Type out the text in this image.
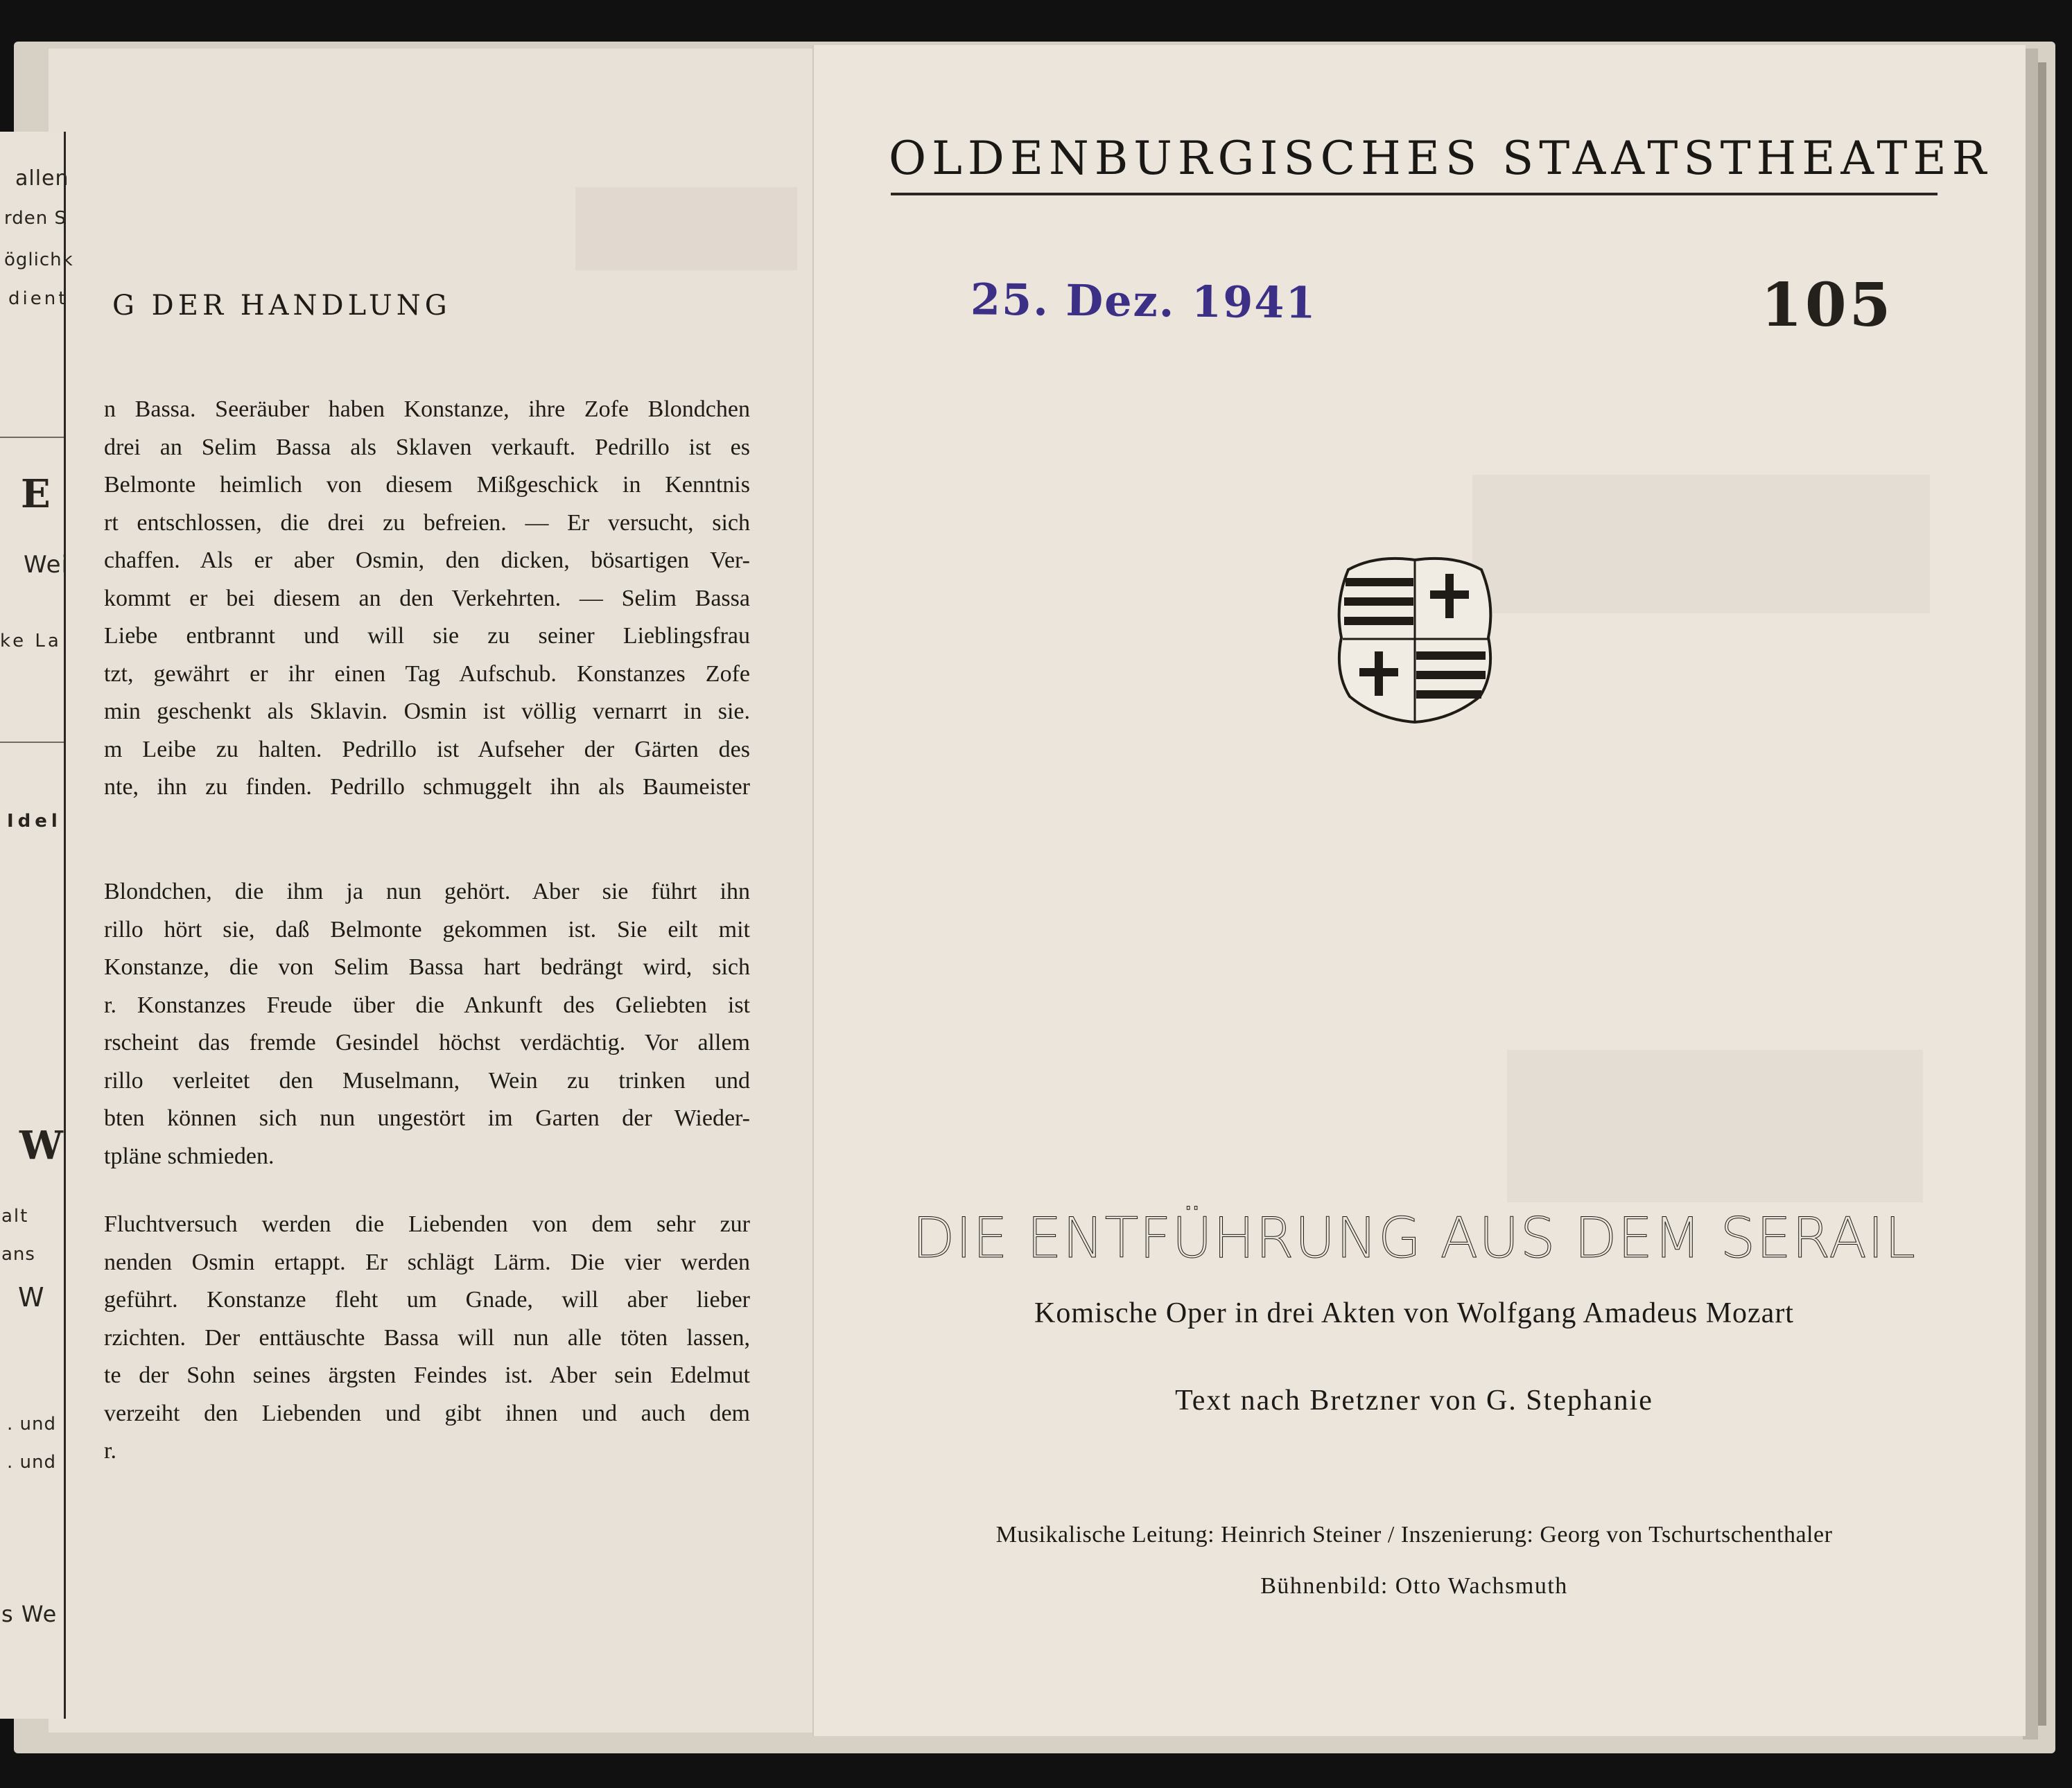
G DER HANDLUNG
n Bassa. Seeräuber haben Konstanze, ihre Zofe Blondchen
drei an Selim Bassa als Sklaven verkauft. Pedrillo ist es
Belmonte heimlich von diesem Mißgeschick in Kenntnis
rt entschlossen, die drei zu befreien. — Er versucht, sich
chaffen. Als er aber Osmin, den dicken, bösartigen Ver-
kommt er bei diesem an den Verkehrten. — Selim Bassa
Liebe entbrannt und will sie zu seiner Lieblingsfrau
tzt, gewährt er ihr einen Tag Aufschub. Konstanzes Zofe
min geschenkt als Sklavin. Osmin ist völlig vernarrt in sie.
m Leibe zu halten. Pedrillo ist Aufseher der Gärten des
nte, ihn zu finden. Pedrillo schmuggelt ihn als Baumeister
Blondchen, die ihm ja nun gehört. Aber sie führt ihn
rillo hört sie, daß Belmonte gekommen ist. Sie eilt mit
Konstanze, die von Selim Bassa hart bedrängt wird, sich
r. Konstanzes Freude über die Ankunft des Geliebten ist
rscheint das fremde Gesindel höchst verdächtig. Vor allem
rillo verleitet den Muselmann, Wein zu trinken und
bten können sich nun ungestört im Garten der Wieder-
tpläne schmieden.
Fluchtversuch werden die Liebenden von dem sehr zur
nenden Osmin ertappt. Er schlägt Lärm. Die vier werden
geführt. Konstanze fleht um Gnade, will aber lieber
rzichten. Der enttäuschte Bassa will nun alle töten lassen,
te der Sohn seines ärgsten Feindes ist. Aber sein Edelmut
verzeiht den Liebenden und gibt ihnen und auch dem
r.
allen
rden S
öglichk
dient
E
Wei
ke La
Idel
W
alt
ans
W
. und
. und
s We
OLDENBURGISCHES STAATSTHEATER
25. Dez. 1941	105
DIE ENTFÜHRUNG AUS DEM SERAIL
Komische Oper in drei Akten von Wolfgang Amadeus Mozart
Text nach Bretzner von G. Stephanie
Musikalische Leitung: Heinrich Steiner / Inszenierung: Georg von Tschurtschenthaler
Bühnenbild: Otto Wachsmuth
